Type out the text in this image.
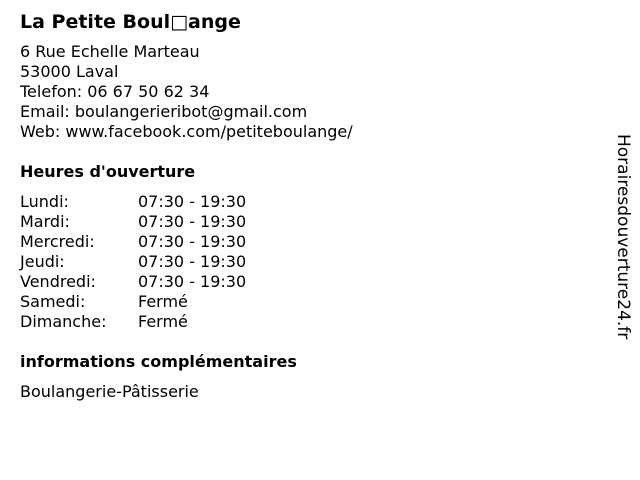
La Petite Boul□ange
6 Rue Echelle Marteau
53000 Laval
Telefon: 06 67 50 62 34
Email: boulangerieribot@gmail.com
Web: www.facebook.com/petiteboulange/
Heures d'ouverture
Lundi:	07:30 - 19:30
Mardi:	07:30 - 19:30
Mercredi:	07:30 - 19:30
Jeudi:	07:30 - 19:30
Vendredi:	07:30 - 19:30
Samedi:	Fermé
Dimanche:	Fermé
informations complémentaires
Boulangerie-Pâtisserie
Horairesdouverture24.fr
